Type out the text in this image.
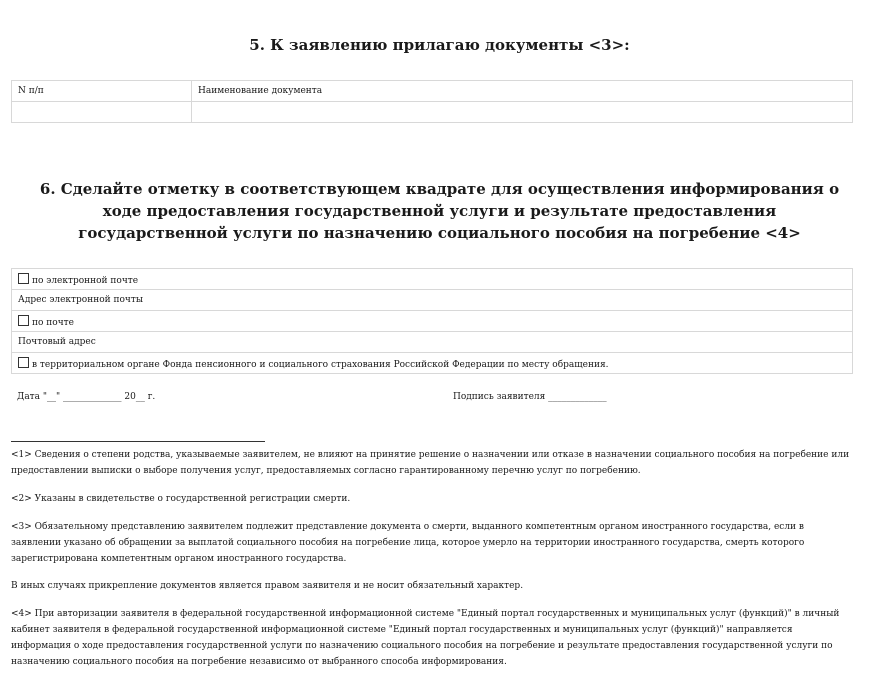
5. К заявлению прилагаю документы <3>:
N п/п	Наименование документа

6. Сделайте отметку в соответствующем квадрате для осуществления информирования о ходе предоставления государственной услуги и результате предоставления государственной услуги по назначению социального пособия на погребение <4>
по электронной почте
Адрес электронной почты
по почте
Почтовый адрес
в территориальном органе Фонда пенсионного и социального страхования Российской Федерации по месту обращения.
Дата "__" _____________ 20__ г.	Подпись заявителя _____________
<1> Сведения о степени родства, указываемые заявителем, не влияют на принятие решение о назначении или отказе в назначении социального пособия на погребение или предоставлении выписки о выборе получения услуг, предоставляемых согласно гарантированному перечню услуг по погребению.
<2> Указаны в свидетельстве о государственной регистрации смерти.
<3> Обязательному представлению заявителем подлежит представление документа о смерти, выданного компетентным органом иностранного государства, если в заявлении указано об обращении за выплатой социального пособия на погребение лица, которое умерло на территории иностранного государства, смерть которого зарегистрирована компетентным органом иностранного государства.
В иных случаях прикрепление документов является правом заявителя и не носит обязательный характер.
<4> При авторизации заявителя в федеральной государственной информационной системе "Единый портал государственных и муниципальных услуг (функций)" в личный кабинет заявителя в федеральной государственной информационной системе "Единый портал государственных и муниципальных услуг (функций)" направляется информация о ходе предоставления государственной услуги по назначению социального пособия на погребение и результате предоставления государственной услуги по назначению социального пособия на погребение независимо от выбранного способа информирования.
